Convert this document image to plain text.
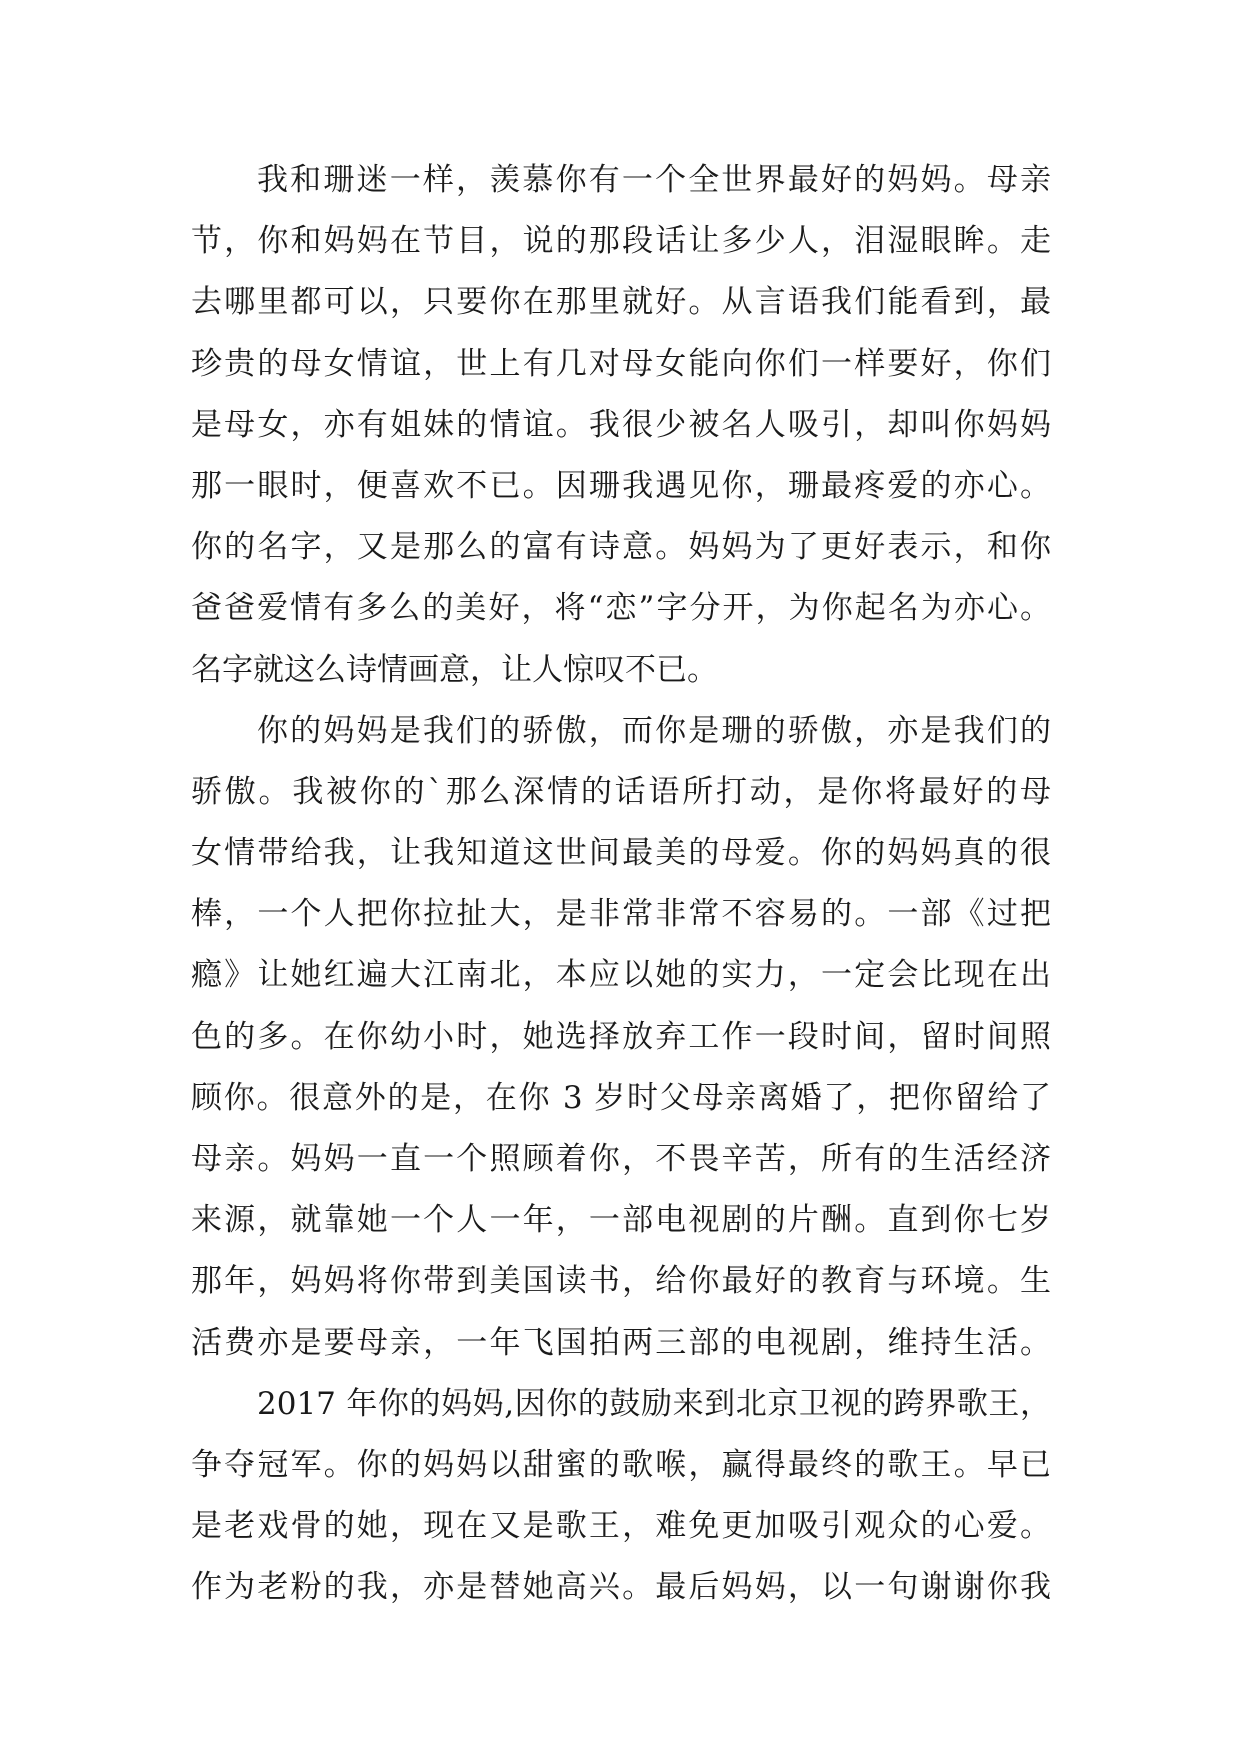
我和珊迷一样，羡慕你有一个全世界最好的妈妈。母亲
节，你和妈妈在节目，说的那段话让多少人，泪湿眼眸。走
去哪里都可以，只要你在那里就好。从言语我们能看到，最
珍贵的母女情谊，世上有几对母女能向你们一样要好，你们
是母女，亦有姐妹的情谊。我很少被名人吸引，却叫你妈妈
那一眼时，便喜欢不已。因珊我遇见你，珊最疼爱的亦心。
你的名字，又是那么的富有诗意。妈妈为了更好表示，和你
爸爸爱情有多么的美好，将“恋”字分开，为你起名为亦心。
名字就这么诗情画意，让人惊叹不已。
你的妈妈是我们的骄傲，而你是珊的骄傲，亦是我们的
骄傲。我被你的`那么深情的话语所打动，是你将最好的母
女情带给我，让我知道这世间最美的母爱。你的妈妈真的很
棒，一个人把你拉扯大，是非常非常不容易的。一部《过把
瘾》让她红遍大江南北，本应以她的实力，一定会比现在出
色的多。在你幼小时，她选择放弃工作一段时间，留时间照
顾你。很意外的是，在你 3 岁时父母亲离婚了，把你留给了
母亲。妈妈一直一个照顾着你，不畏辛苦，所有的生活经济
来源，就靠她一个人一年，一部电视剧的片酬。直到你七岁
那年，妈妈将你带到美国读书，给你最好的教育与环境。生
活费亦是要母亲，一年飞国拍两三部的电视剧，维持生活。
2017 年你的妈妈,因你的鼓励来到北京卫视的跨界歌王，
争夺冠军。你的妈妈以甜蜜的歌喉，赢得最终的歌王。早已
是老戏骨的她，现在又是歌王，难免更加吸引观众的心爱。
作为老粉的我，亦是替她高兴。最后妈妈，以一句谢谢你我
